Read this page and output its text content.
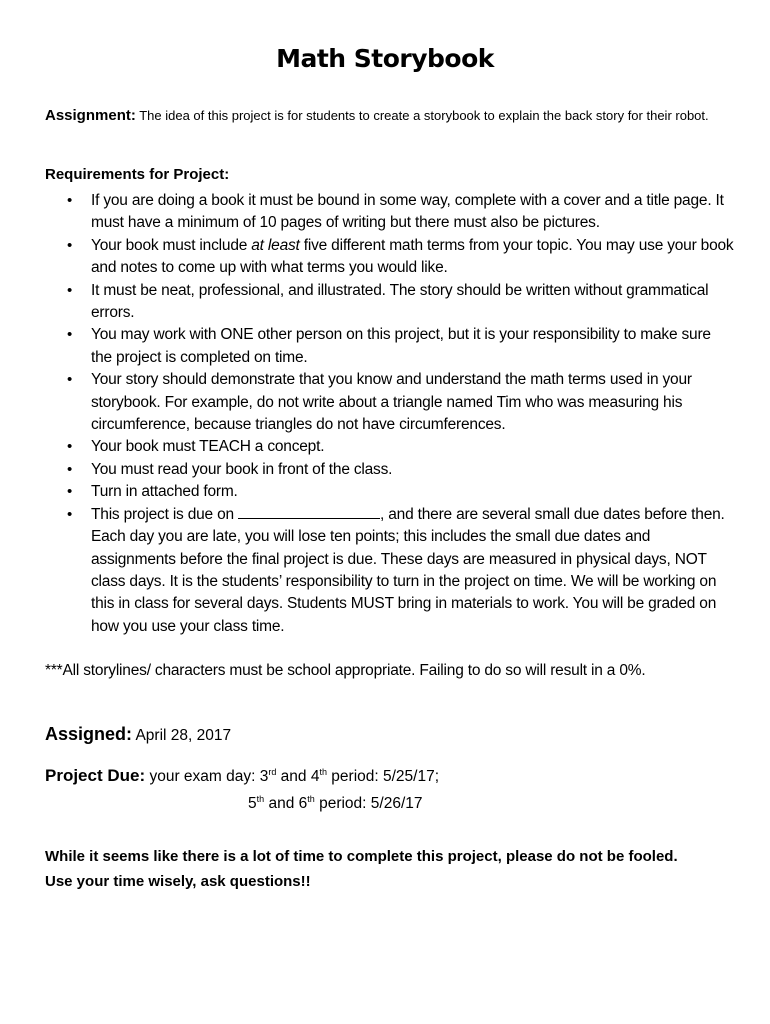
Math Storybook
Assignment: The idea of this project is for students to create a storybook to explain the back story for their robot.
Requirements for Project:
• If you are doing a book it must be bound in some way, complete with a cover and a title page. It must have a minimum of 10 pages of writing but there must also be pictures.
• Your book must include at least five different math terms from your topic. You may use your book and notes to come up with what terms you would like.
• It must be neat, professional, and illustrated. The story should be written without grammatical errors.
• You may work with ONE other person on this project, but it is your responsibility to make sure the project is completed on time.
• Your story should demonstrate that you know and understand the math terms used in your storybook. For example, do not write about a triangle named Tim who was measuring his circumference, because triangles do not have circumferences.
• Your book must TEACH a concept.
• You must read your book in front of the class.
• Turn in attached form.
• This project is due on	, and there are several small due dates before then. Each day you are late, you will lose ten points; this includes the small due dates and assignments before the final project is due. These days are measured in physical days, NOT class days. It is the students’ responsibility to turn in the project on time. We will be working on this in class for several days. Students MUST bring in materials to work. You will be graded on how you use your class time.
***All storylines/ characters must be school appropriate. Failing to do so will result in a 0%.
Assigned: April 28, 2017
Project Due: your exam day: 3rd and 4th period: 5/25/17;
5th and 6th period: 5/26/17
While it seems like there is a lot of time to complete this project, please do not be fooled.
Use your time wisely, ask questions!!
